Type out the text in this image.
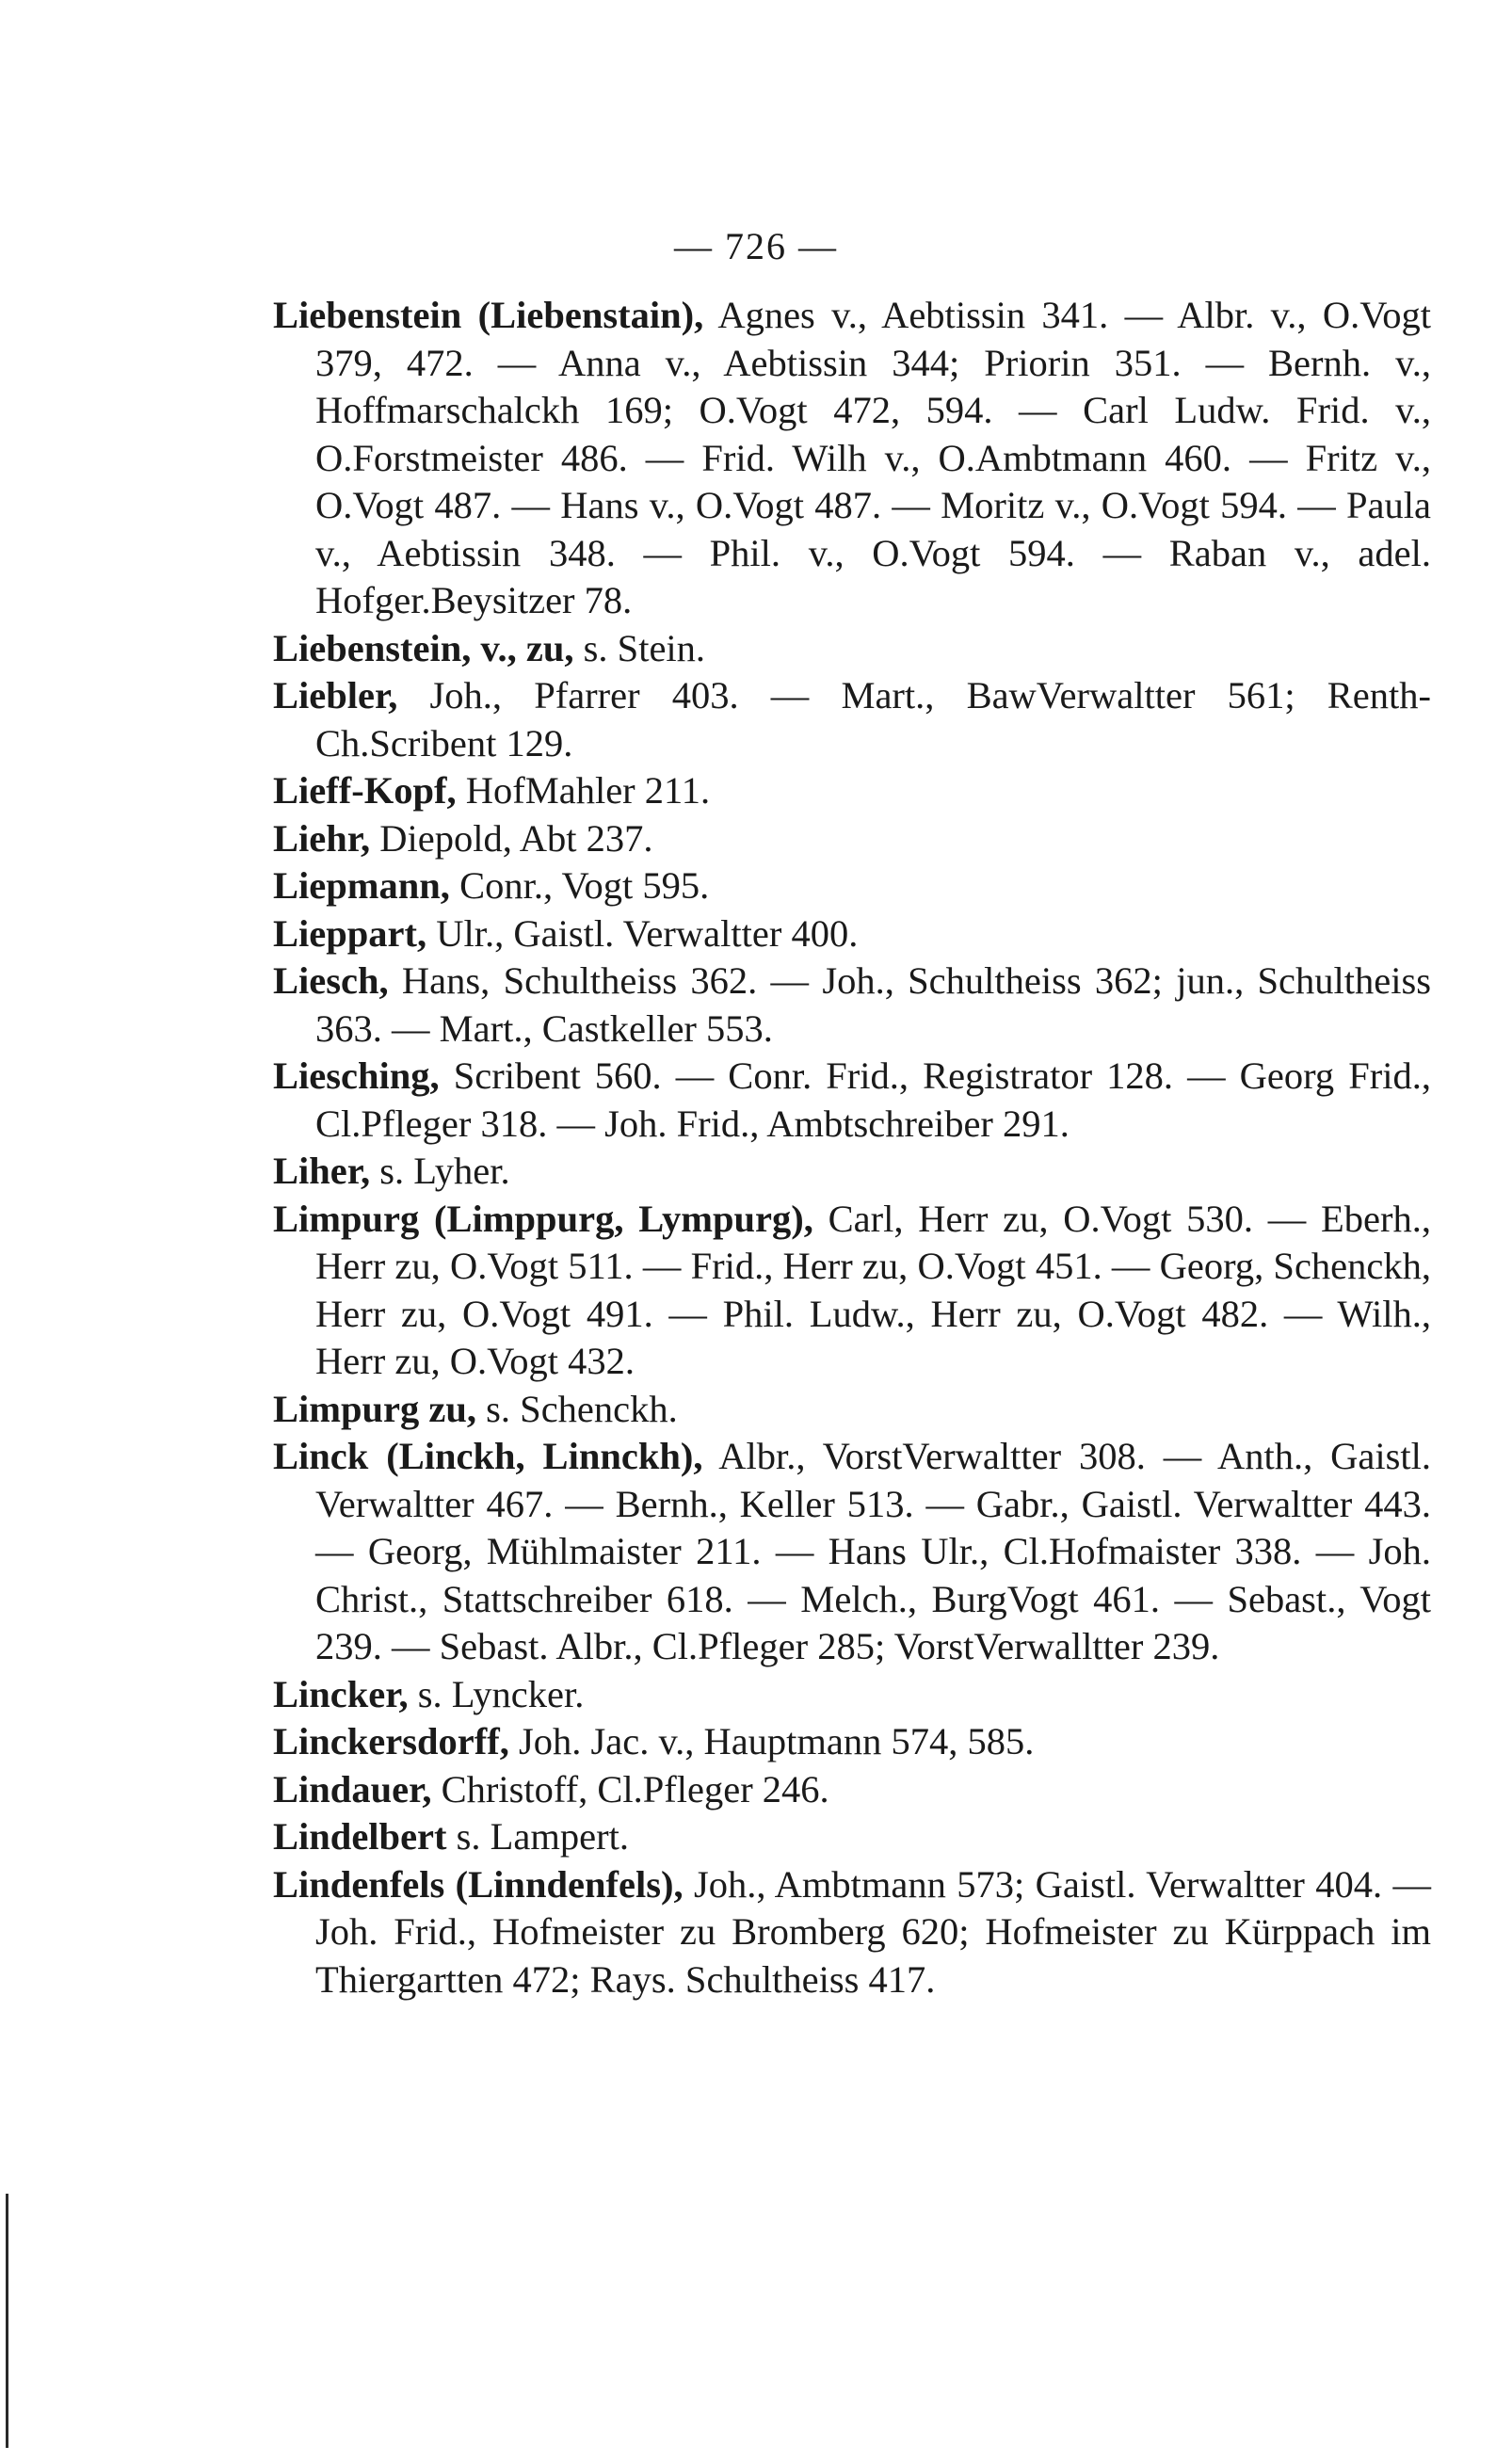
— 726 —

Liebenstein (Liebenstain), Agnes v., Aebtissin 341. — Albr. v., O.Vogt 379, 472. — Anna v., Aebtissin 344; Priorin 351. — Bernh. v., Hoffmarschalckh 169; O.Vogt 472, 594. — Carl Ludw. Frid. v., O.Forstmeister 486. — Frid. Wilh v., O.Ambtmann 460. — Fritz v., O.Vogt 487. — Hans v., O.Vogt 487. — Moritz v., O.Vogt 594. — Paula v., Aebtissin 348. — Phil. v., O.Vogt 594. — Raban v., adel. Hofger.Beysitzer 78.

Liebenstein, v., zu, s. Stein.

Liebler, Joh., Pfarrer 403. — Mart., BawVerwaltter 561; Renth-Ch.Scribent 129.

Lieff-Kopf, HofMahler 211.

Liehr, Diepold, Abt 237.

Liepmann, Conr., Vogt 595.

Lieppart, Ulr., Gaistl. Verwaltter 400.

Liesch, Hans, Schultheiss 362. — Joh., Schultheiss 362; jun., Schultheiss 363. — Mart., Castkeller 553.

Liesching, Scribent 560. — Conr. Frid., Registrator 128. — Georg Frid., Cl.Pfleger 318. — Joh. Frid., Ambtschreiber 291.

Liher, s. Lyher.

Limpurg (Limppurg, Lympurg), Carl, Herr zu, O.Vogt 530. — Eberh., Herr zu, O.Vogt 511. — Frid., Herr zu, O.Vogt 451. — Georg, Schenckh, Herr zu, O.Vogt 491. — Phil. Ludw., Herr zu, O.Vogt 482. — Wilh., Herr zu, O.Vogt 432.

Limpurg zu, s. Schenckh.

Linck (Linckh, Linnckh), Albr., VorstVerwaltter 308. — Anth., Gaistl. Verwaltter 467. — Bernh., Keller 513. — Gabr., Gaistl. Verwaltter 443. — Georg, Mühlmaister 211. — Hans Ulr., Cl.Hofmaister 338. — Joh. Christ., Stattschreiber 618. — Melch., BurgVogt 461. — Sebast., Vogt 239. — Sebast. Albr., Cl.Pfleger 285; VorstVerwalltter 239.

Lincker, s. Lyncker.

Linckersdorff, Joh. Jac. v., Hauptmann 574, 585.

Lindauer, Christoff, Cl.Pfleger 246.

Lindelbert s. Lampert.

Lindenfels (Linndenfels), Joh., Ambtmann 573; Gaistl. Verwaltter 404. — Joh. Frid., Hofmeister zu Bromberg 620; Hofmeister zu Kürppach im Thiergartten 472; Rays. Schultheiss 417.
